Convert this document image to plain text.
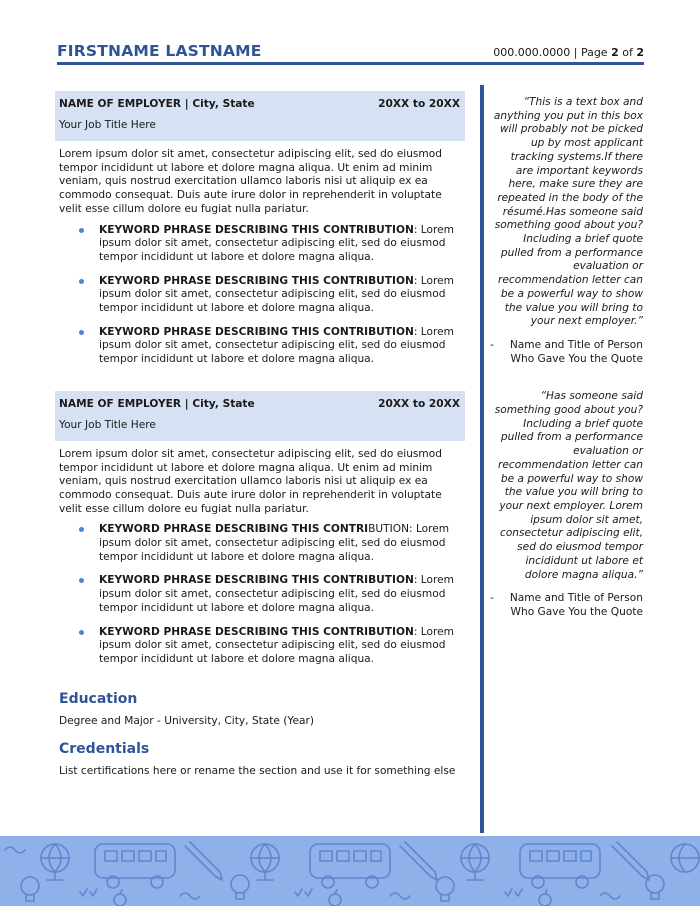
FIRSTNAME LASTNAME	000.000.0000 | Page 2 of 2
NAME OF EMPLOYER | City, State	20XX to 20XX
Your Job Title Here

Lorem ipsum dolor sit amet, consectetur adipiscing elit, sed do eiusmod tempor incididunt ut labore et dolore magna aliqua. Ut enim ad minim veniam, quis nostrud exercitation ullamco laboris nisi ut aliquip ex ea commodo consequat. Duis aute irure dolor in reprehenderit in voluptate velit esse cillum dolore eu fugiat nulla pariatur.

KEYWORD PHRASE DESCRIBING THIS CONTRIBUTION: Lorem ipsum dolor sit amet, consectetur adipiscing elit, sed do eiusmod tempor incididunt ut labore et dolore magna aliqua.
KEYWORD PHRASE DESCRIBING THIS CONTRIBUTION: Lorem ipsum dolor sit amet, consectetur adipiscing elit, sed do eiusmod tempor incididunt ut labore et dolore magna aliqua.
KEYWORD PHRASE DESCRIBING THIS CONTRIBUTION: Lorem ipsum dolor sit amet, consectetur adipiscing elit, sed do eiusmod tempor incididunt ut labore et dolore magna aliqua.
NAME OF EMPLOYER | City, State	20XX to 20XX
Your Job Title Here

Lorem ipsum dolor sit amet, consectetur adipiscing elit, sed do eiusmod tempor incididunt ut labore et dolore magna aliqua. Ut enim ad minim veniam, quis nostrud exercitation ullamco laboris nisi ut aliquip ex ea commodo consequat. Duis aute irure dolor in reprehenderit in voluptate velit esse cillum dolore eu fugiat nulla pariatur.

KEYWORD PHRASE DESCRIBING THIS CONTRIBUTION: Lorem ipsum dolor sit amet, consectetur adipiscing elit, sed do eiusmod tempor incididunt ut labore et dolore magna aliqua.
KEYWORD PHRASE DESCRIBING THIS CONTRIBUTION: Lorem ipsum dolor sit amet, consectetur adipiscing elit, sed do eiusmod tempor incididunt ut labore et dolore magna aliqua.
KEYWORD PHRASE DESCRIBING THIS CONTRIBUTION: Lorem ipsum dolor sit amet, consectetur adipiscing elit, sed do eiusmod tempor incididunt ut labore et dolore magna aliqua.
Education

Degree and Major - University, City, State (Year)

Credentials

List certifications here or rename the section and use it for something else

“This is a text box and anything you put in this box will probably not be picked up by most applicant tracking systems.If there are important keywords here, make sure they are repeated in the body of the résumé.Has someone said something good about you? Including a brief quote pulled from a performance evaluation or recommendation letter can be a powerful way to show the value you will bring to your next employer.”

- Name and Title of Person Who Gave You the Quote

“Has someone said something good about you? Including a brief quote pulled from a performance evaluation or recommendation letter can be a powerful way to show the value you will bring to your next employer. Lorem ipsum dolor sit amet, consectetur adipiscing elit, sed do eiusmod tempor incididunt ut labore et dolore magna aliqua.”

- Name and Title of Person Who Gave You the Quote
